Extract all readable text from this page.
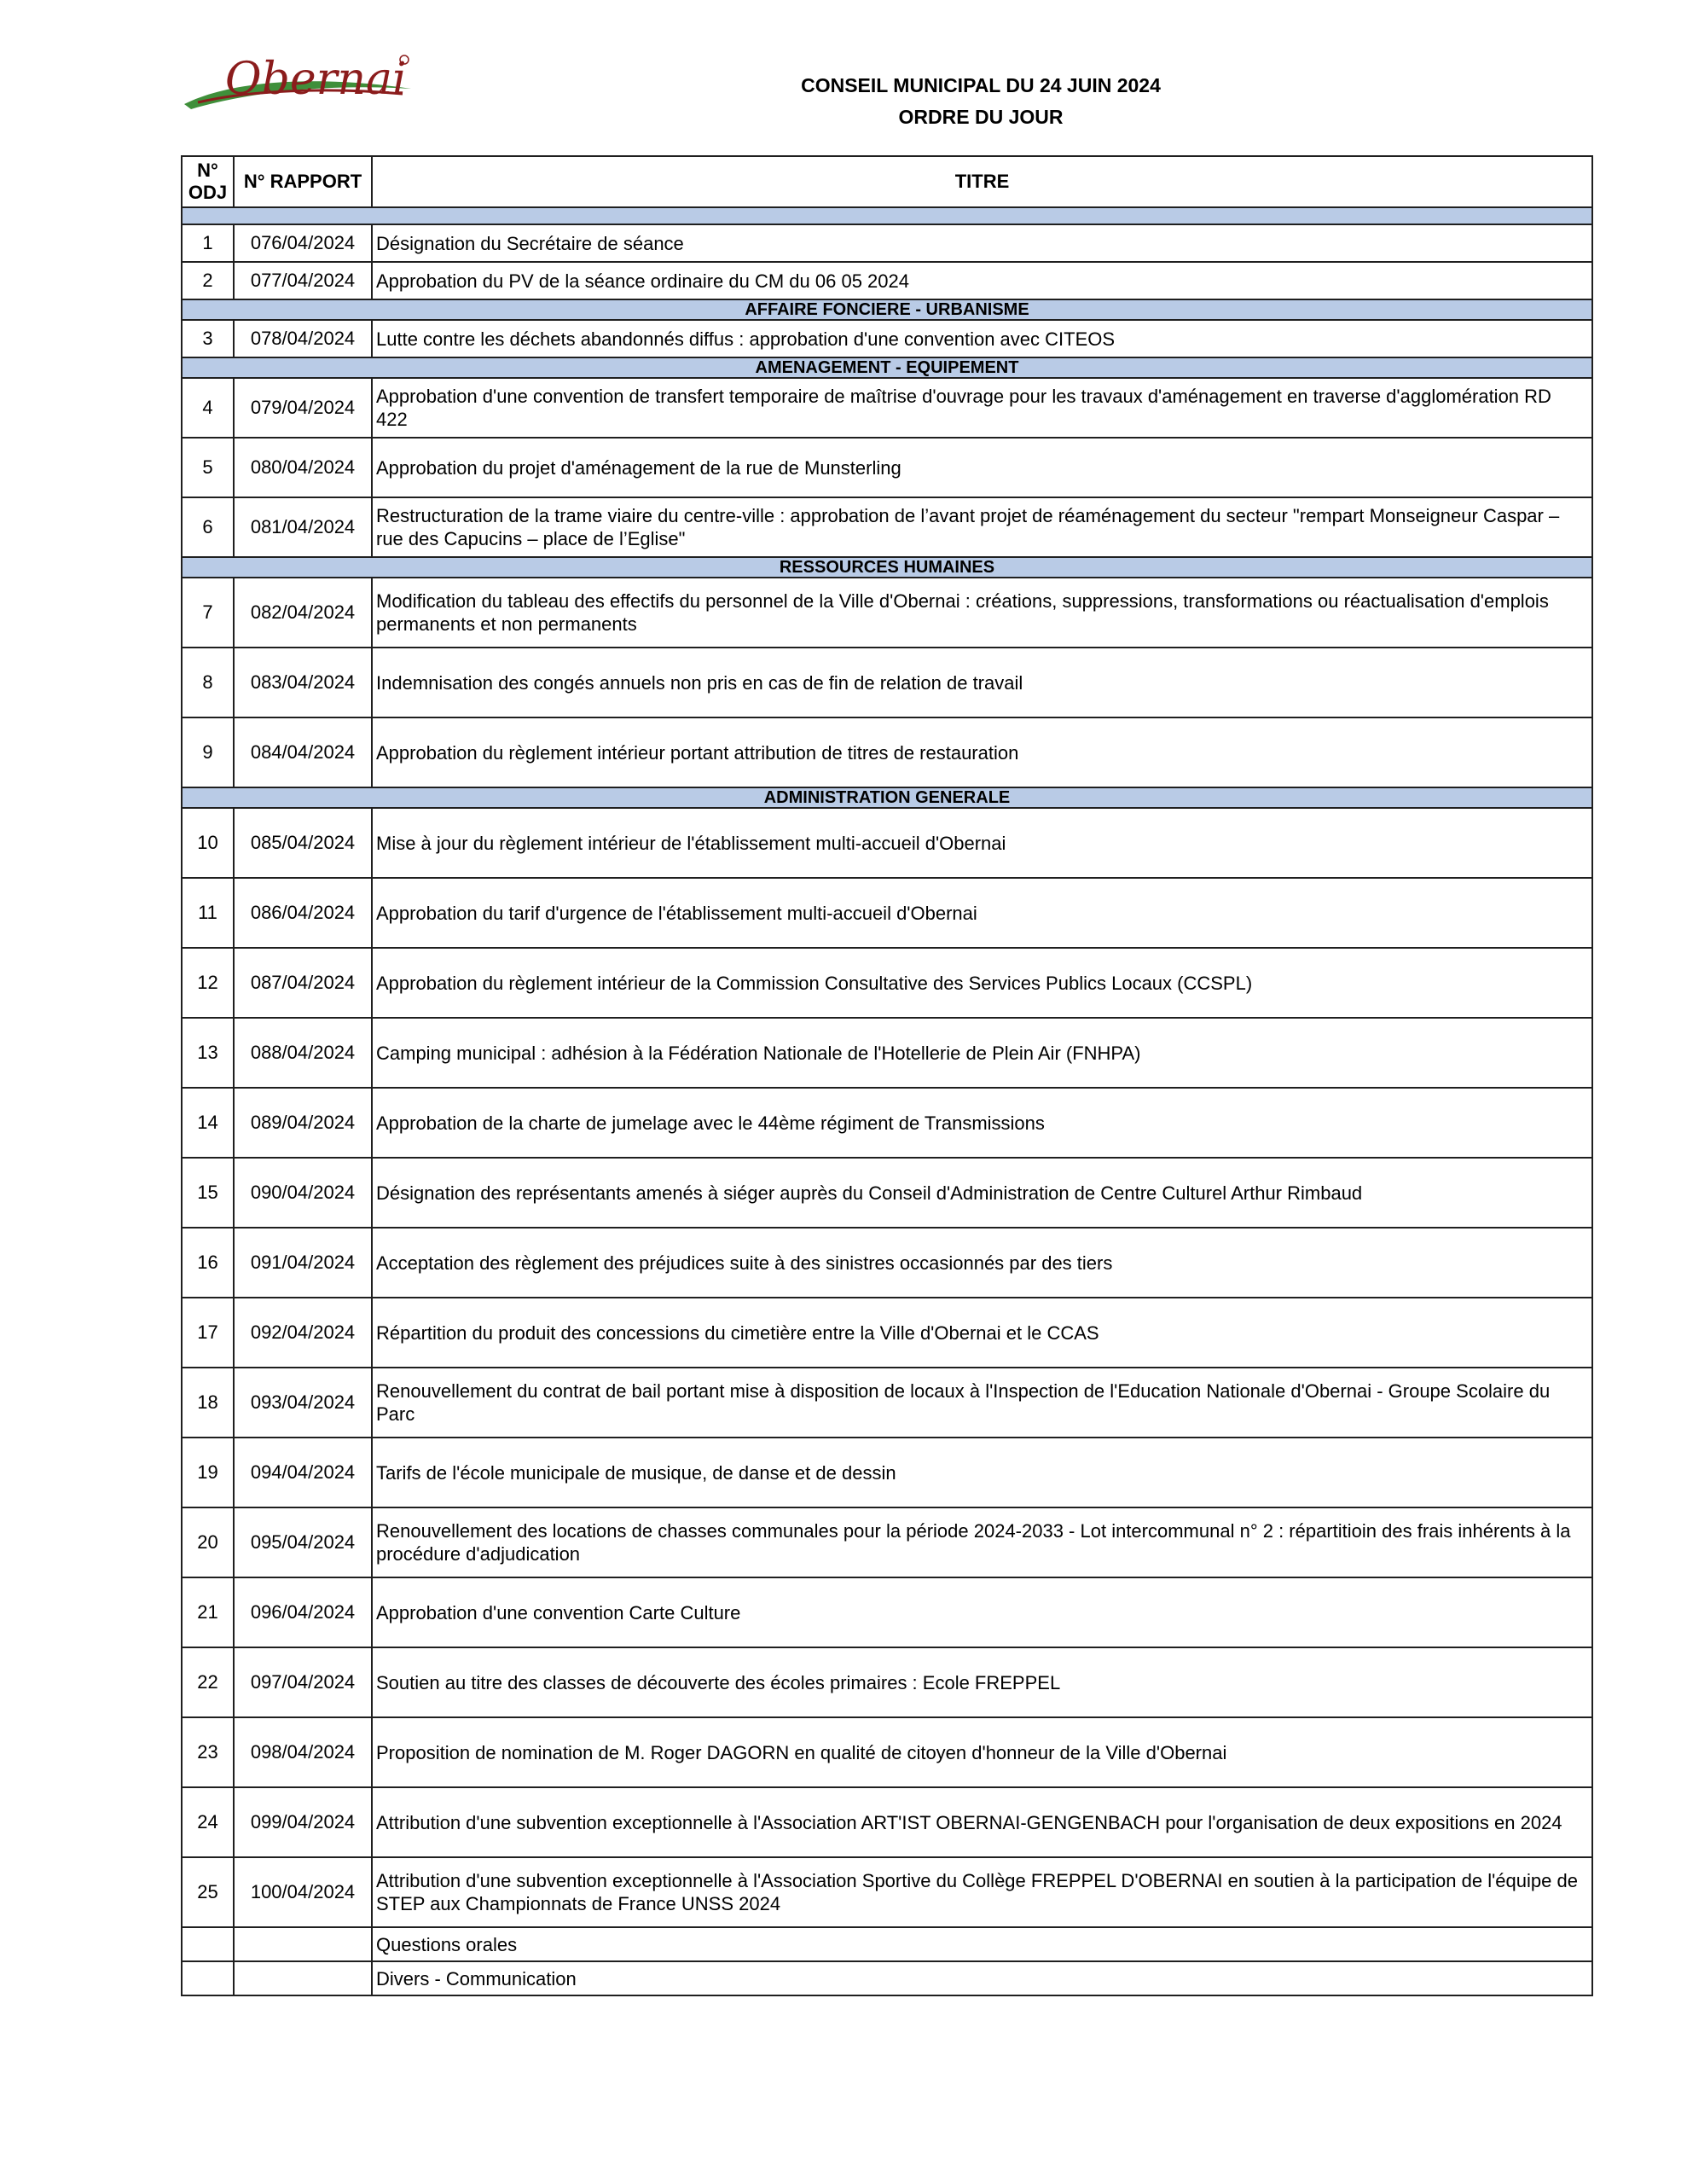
Obernai	CONSEIL MUNICIPAL DU 24 JUIN 2024
ORDRE DU JOUR
N° ODJ	N° RAPPORT	TITRE

1	076/04/2024	Désignation du Secrétaire de séance
2	077/04/2024	Approbation du PV de la séance ordinaire du CM du 06 05 2024
AFFAIRE FONCIERE - URBANISME		
3	078/04/2024	Lutte contre les déchets abandonnés diffus : approbation d'une convention avec CITEOS
AMENAGEMENT - EQUIPEMENT		
4	079/04/2024	Approbation d'une convention de transfert temporaire de maîtrise d'ouvrage pour les travaux d'aménagement en traverse d'agglomération RD 422
5	080/04/2024	Approbation du projet d'aménagement de la rue de Munsterling
6	081/04/2024	Restructuration de la trame viaire du centre-ville : approbation de l’avant projet de réaménagement du secteur "rempart Monseigneur Caspar – rue des Capucins – place de l’Eglise"
RESSOURCES HUMAINES		
7	082/04/2024	Modification du tableau des effectifs du personnel de la Ville d'Obernai : créations, suppressions, transformations ou réactualisation d'emplois permanents et non permanents
8	083/04/2024	Indemnisation des congés annuels non pris en cas de fin de relation de travail
9	084/04/2024	Approbation du règlement intérieur portant attribution de titres de restauration
ADMINISTRATION GENERALE		
10	085/04/2024	Mise à jour du règlement intérieur de l'établissement multi-accueil d'Obernai
11	086/04/2024	Approbation du tarif d'urgence de l'établissement multi-accueil d'Obernai
12	087/04/2024	Approbation du règlement intérieur de la Commission Consultative des Services Publics Locaux (CCSPL)
13	088/04/2024	Camping municipal : adhésion à la Fédération Nationale de l'Hotellerie de Plein Air (FNHPA)
14	089/04/2024	Approbation de la charte de jumelage avec le 44ème régiment de Transmissions
15	090/04/2024	Désignation des représentants amenés à siéger auprès du Conseil d'Administration de Centre Culturel Arthur Rimbaud
16	091/04/2024	Acceptation des règlement des préjudices suite à des sinistres occasionnés par des tiers
17	092/04/2024	Répartition du produit des concessions du cimetière entre la Ville d'Obernai et le CCAS
18	093/04/2024	Renouvellement du contrat de bail portant mise à disposition de locaux à l'Inspection de l'Education Nationale d'Obernai - Groupe Scolaire du Parc
19	094/04/2024	Tarifs de l'école municipale de musique, de danse et de dessin
20	095/04/2024	Renouvellement des locations de chasses communales pour la période 2024-2033 - Lot intercommunal n° 2 : répartitioin des frais inhérents à la procédure d'adjudication
21	096/04/2024	Approbation d'une convention Carte Culture
22	097/04/2024	Soutien au titre des classes de découverte des écoles primaires : Ecole FREPPEL
23	098/04/2024	Proposition de nomination de M. Roger DAGORN en qualité de citoyen d'honneur de la Ville d'Obernai
24	099/04/2024	Attribution d'une subvention exceptionnelle à l'Association ART'IST OBERNAI-GENGENBACH pour l'organisation de deux expositions en 2024
25	100/04/2024	Attribution d'une subvention exceptionnelle à l'Association Sportive du Collège FREPPEL D'OBERNAI en soutien à la participation de l'équipe de STEP aux Championnats de France UNSS 2024
		Questions orales
		Divers - Communication
